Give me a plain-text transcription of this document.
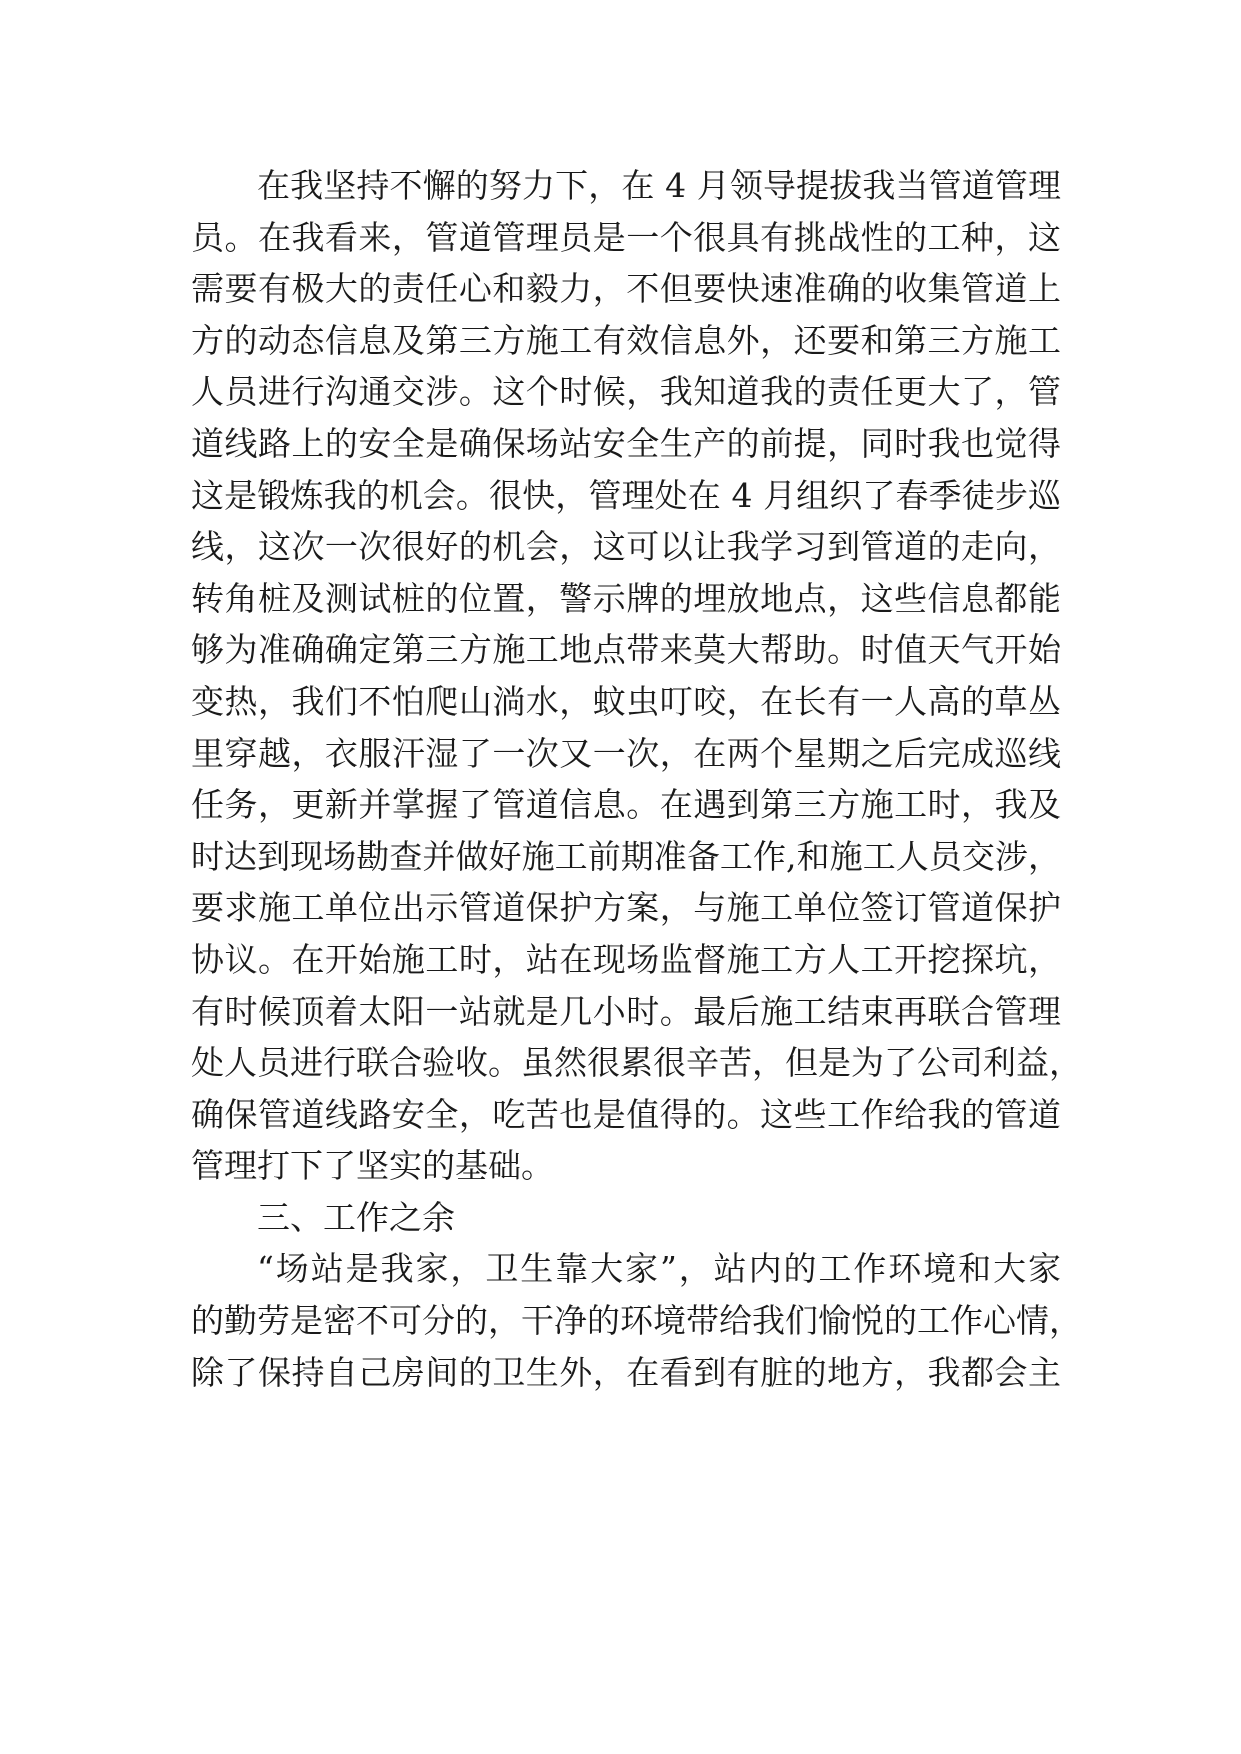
在我坚持不懈的努力下，在 4 月领导提拔我当管道管理
员。在我看来，管道管理员是一个很具有挑战性的工种，这
需要有极大的责任心和毅力，不但要快速准确的收集管道上
方的动态信息及第三方施工有效信息外，还要和第三方施工
人员进行沟通交涉。这个时候，我知道我的责任更大了，管
道线路上的安全是确保场站安全生产的前提，同时我也觉得
这是锻炼我的机会。很快，管理处在 4 月组织了春季徒步巡
线，这次一次很好的机会，这可以让我学习到管道的走向，
转角桩及测试桩的位置，警示牌的埋放地点，这些信息都能
够为准确确定第三方施工地点带来莫大帮助。时值天气开始
变热，我们不怕爬山淌水，蚊虫叮咬，在长有一人高的草丛
里穿越，衣服汗湿了一次又一次，在两个星期之后完成巡线
任务，更新并掌握了管道信息。在遇到第三方施工时，我及
时达到现场勘查并做好施工前期准备工作,和施工人员交涉，
要求施工单位出示管道保护方案，与施工单位签订管道保护
协议。在开始施工时，站在现场监督施工方人工开挖探坑，
有时候顶着太阳一站就是几小时。最后施工结束再联合管理
处人员进行联合验收。虽然很累很辛苦，但是为了公司利益，
确保管道线路安全，吃苦也是值得的。这些工作给我的管道
管理打下了坚实的基础。
三、工作之余
“场站是我家，卫生靠大家”，站内的工作环境和大家
的勤劳是密不可分的，干净的环境带给我们愉悦的工作心情，
除了保持自己房间的卫生外，在看到有脏的地方，我都会主
